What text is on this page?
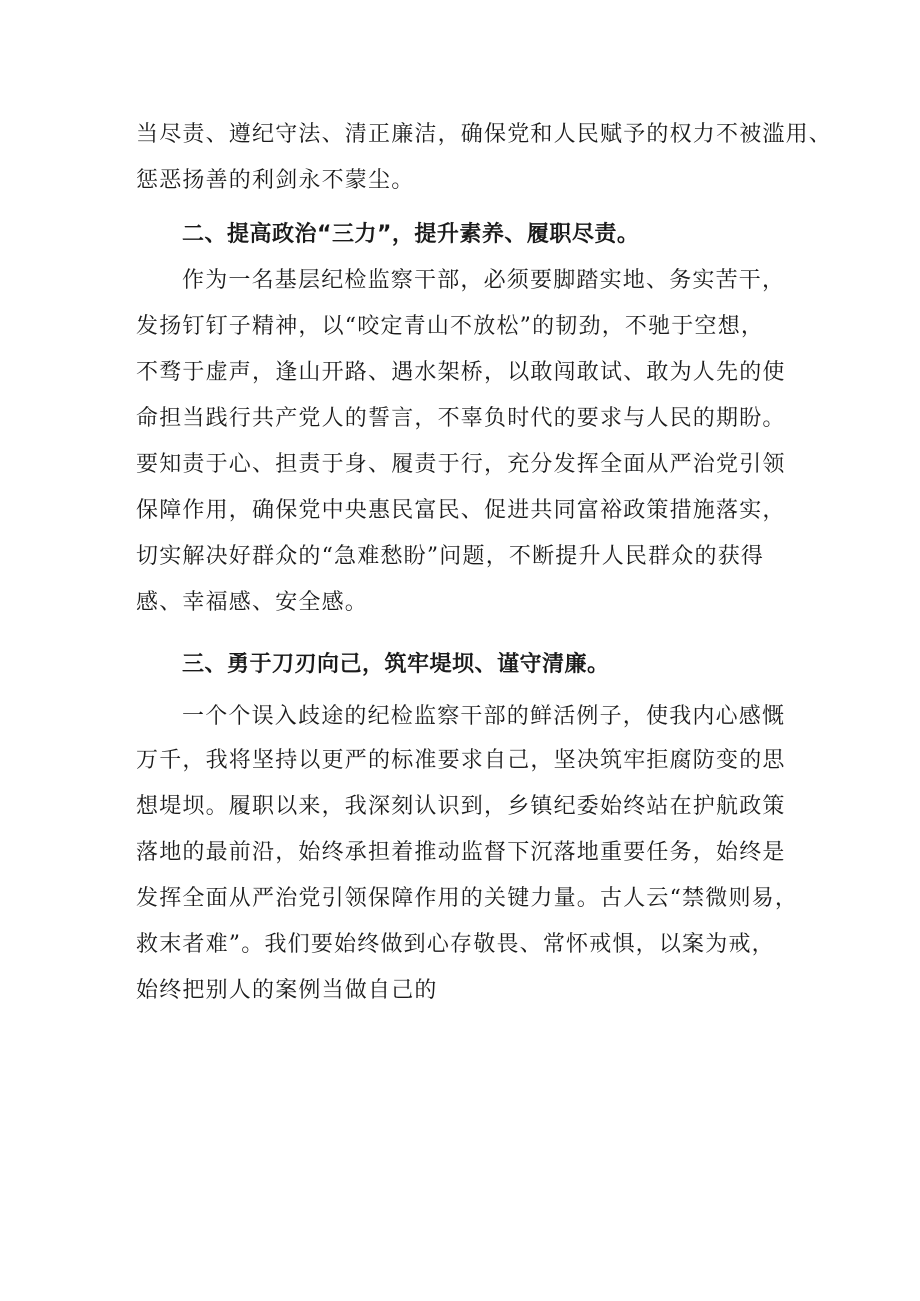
当尽责、遵纪守法、清正廉洁，确保党和人民赋予的权力不被滥用、
惩恶扬善的利剑永不蒙尘。
二、提高政治“三力”，提升素养、履职尽责。
作为一名基层纪检监察干部，必须要脚踏实地、务实苦干，
发扬钉钉子精神，以“咬定青山不放松”的韧劲，不驰于空想，
不骛于虚声，逢山开路、遇水架桥，以敢闯敢试、敢为人先的使
命担当践行共产党人的誓言，不辜负时代的要求与人民的期盼。
要知责于心、担责于身、履责于行，充分发挥全面从严治党引领
保障作用，确保党中央惠民富民、促进共同富裕政策措施落实，
切实解决好群众的“急难愁盼”问题，不断提升人民群众的获得
感、幸福感、安全感。
三、勇于刀刃向己，筑牢堤坝、谨守清廉。
一个个误入歧途的纪检监察干部的鲜活例子，使我内心感慨
万千，我将坚持以更严的标准要求自己，坚决筑牢拒腐防变的思
想堤坝。履职以来，我深刻认识到，乡镇纪委始终站在护航政策
落地的最前沿，始终承担着推动监督下沉落地重要任务，始终是
发挥全面从严治党引领保障作用的关键力量。古人云“禁微则易，
救末者难”。我们要始终做到心存敬畏、常怀戒惧，以案为戒，
始终把别人的案例当做自己的
